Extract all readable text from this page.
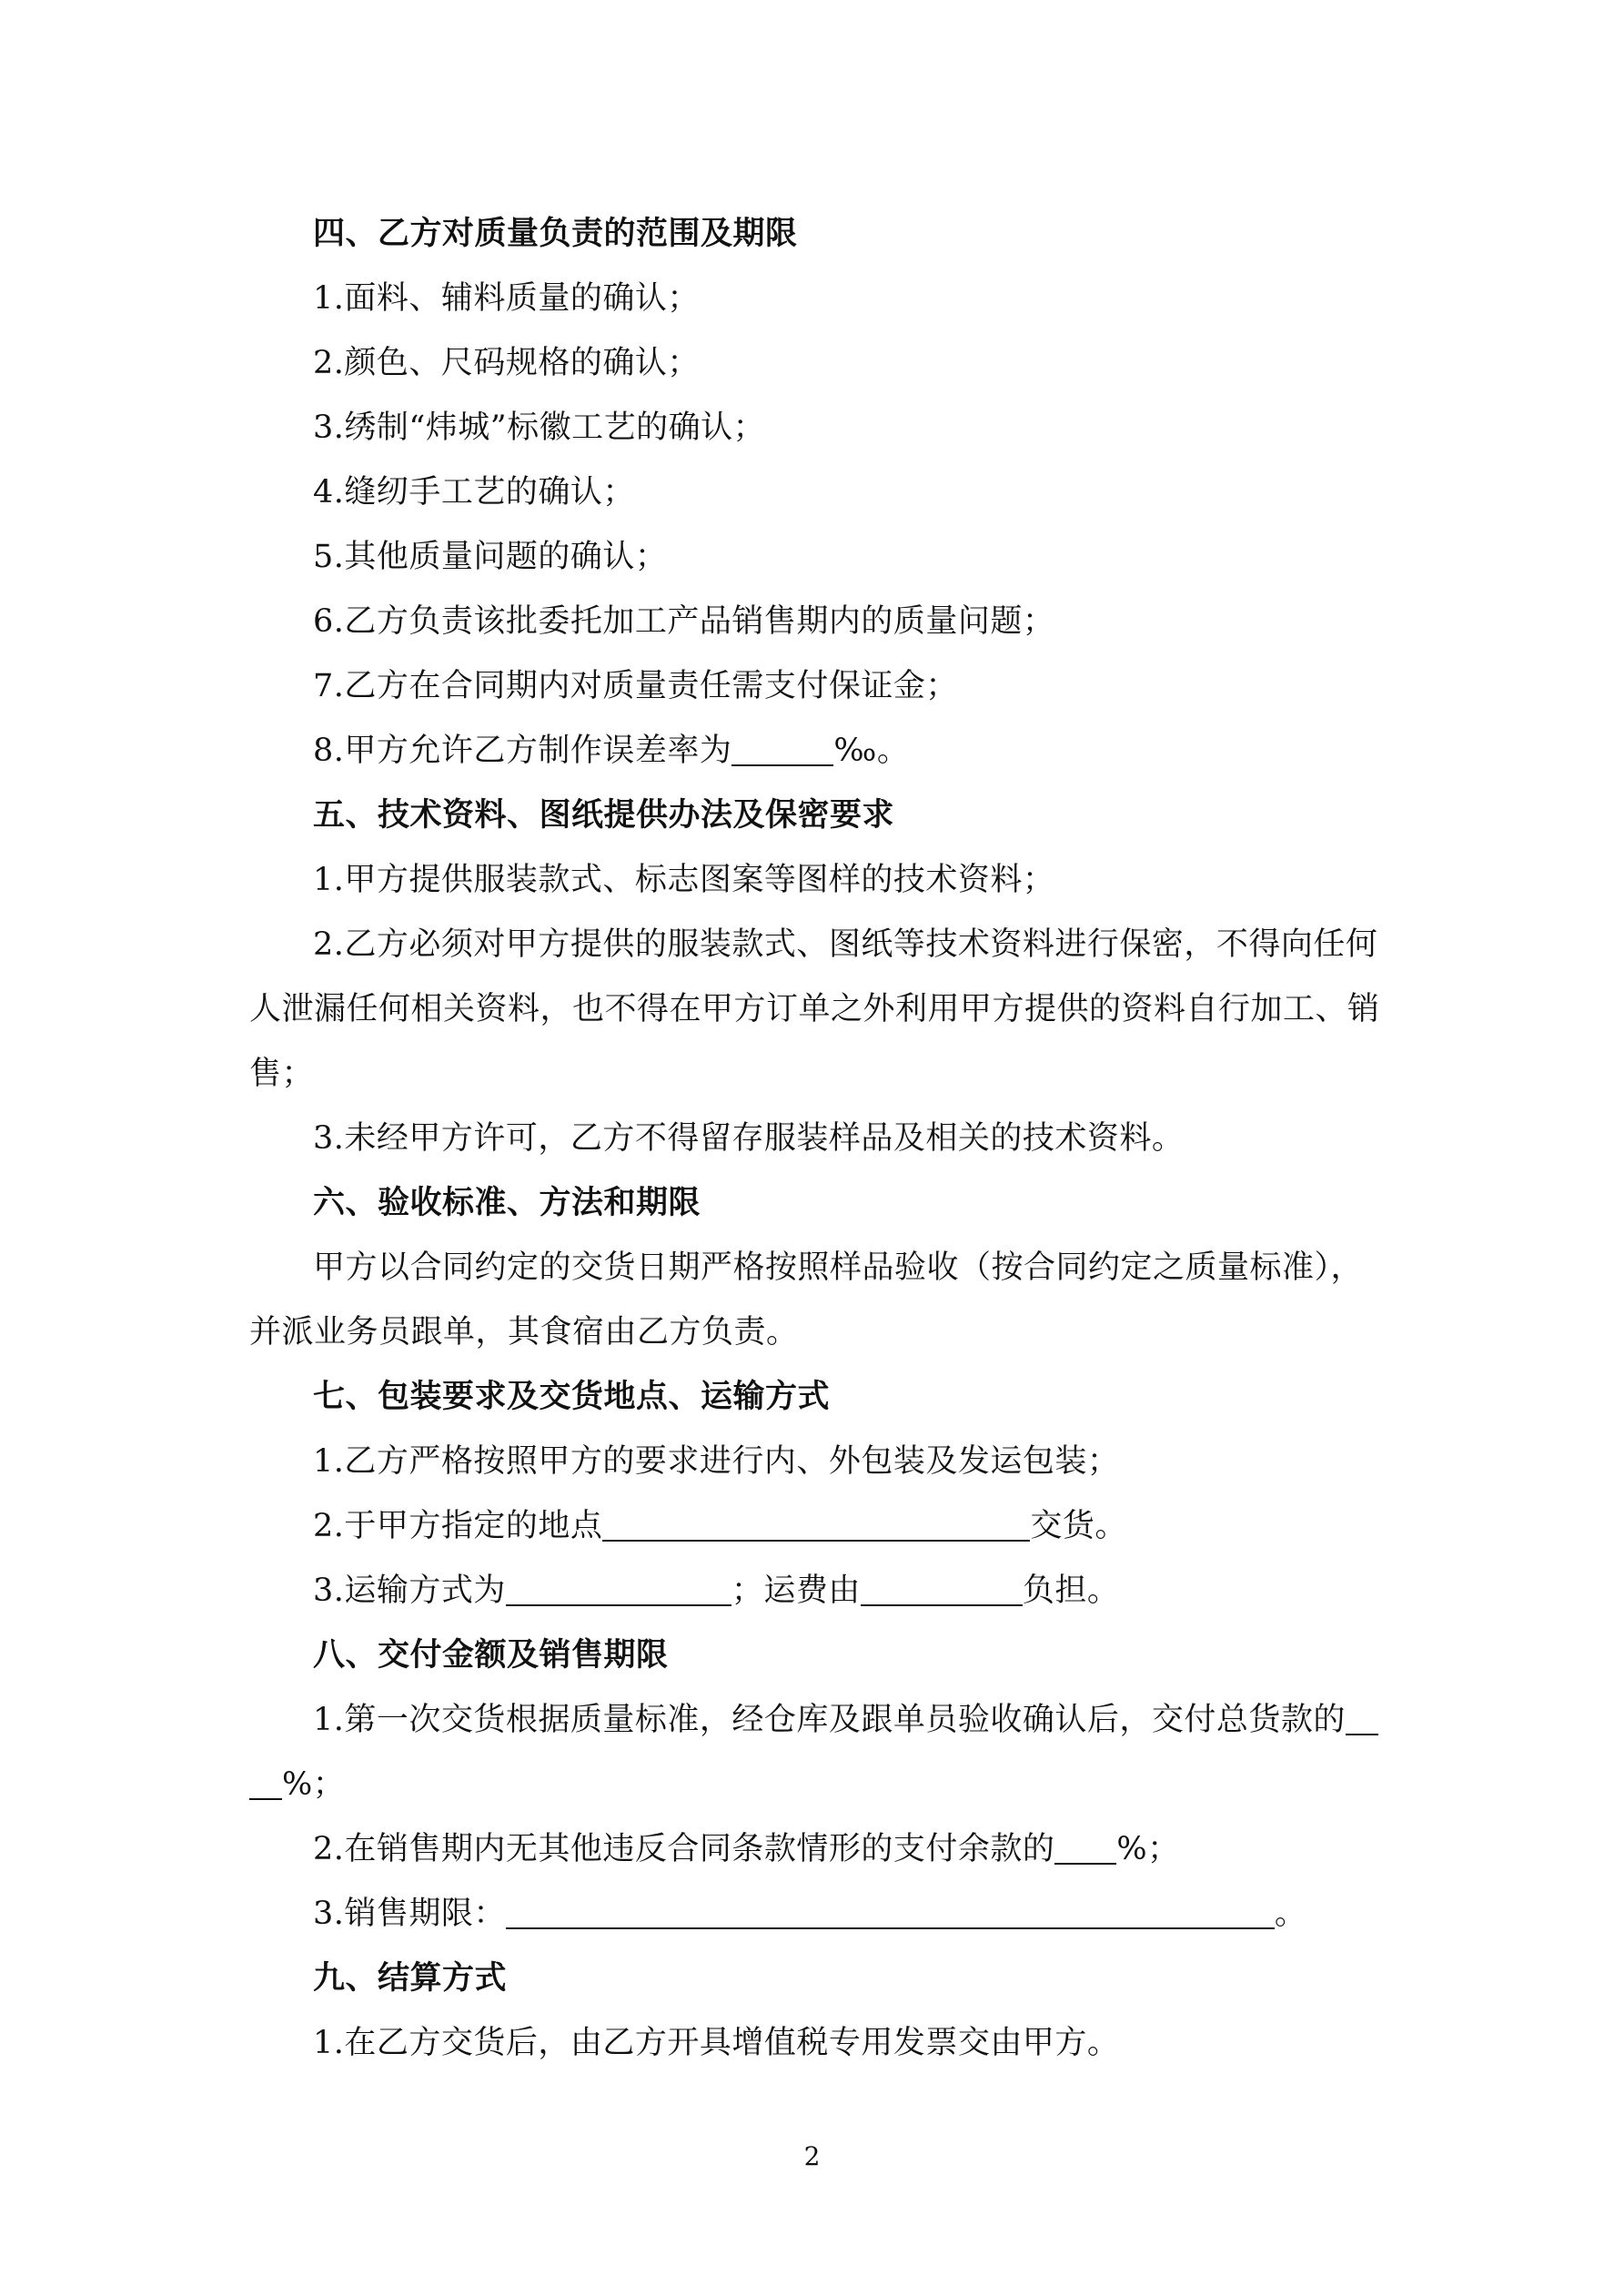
四、乙方对质量负责的范围及期限
1.面料、辅料质量的确认；
2.颜色、尺码规格的确认；
3.绣制“炜城”标徽工艺的确认；
4.缝纫手工艺的确认；
5.其他质量问题的确认；
6.乙方负责该批委托加工产品销售期内的质量问题；
7.乙方在合同期内对质量责任需支付保证金；
8.甲方允许乙方制作误差率为	‰。
五、技术资料、图纸提供办法及保密要求
1.甲方提供服装款式、标志图案等图样的技术资料；
2.乙方必须对甲方提供的服装款式、图纸等技术资料进行保密，不得向任何
人泄漏任何相关资料，也不得在甲方订单之外利用甲方提供的资料自行加工、销
售；
3.未经甲方许可，乙方不得留存服装样品及相关的技术资料。
六、验收标准、方法和期限
甲方以合同约定的交货日期严格按照样品验收（按合同约定之质量标准），
并派业务员跟单，其食宿由乙方负责。
七、包装要求及交货地点、运输方式
1.乙方严格按照甲方的要求进行内、外包装及发运包装；
2.于甲方指定的地点	交货。
3.运输方式为	；运费由	负担。
八、交付金额及销售期限
1.第一次交货根据质量标准，经仓库及跟单员验收确认后，交付总货款的
%；
2.在销售期内无其他违反合同条款情形的支付余款的 %；
3.销售期限：	。
九、结算方式
1.在乙方交货后，由乙方开具增值税专用发票交由甲方。
2
